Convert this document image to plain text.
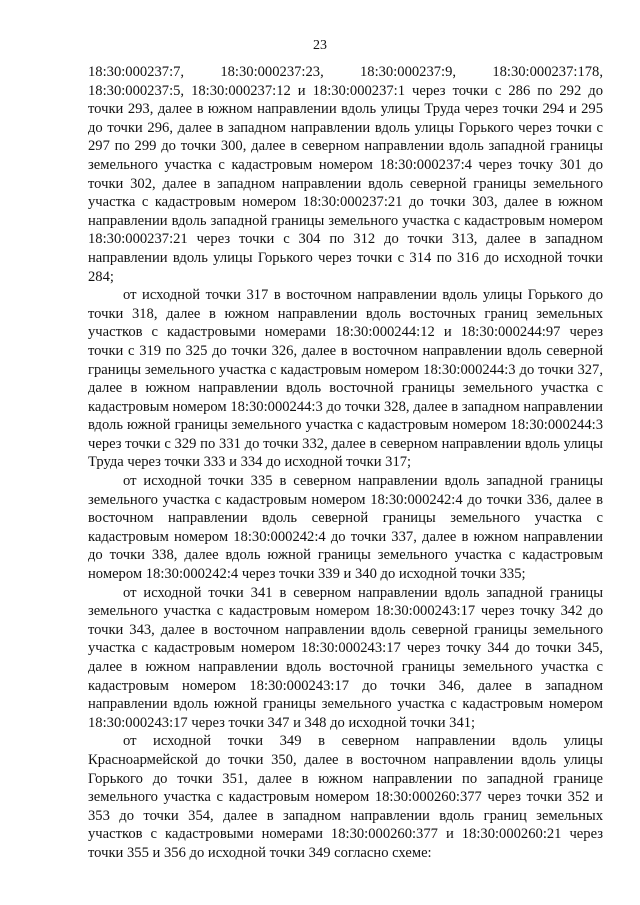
23

18:30:000237:7, 18:30:000237:23, 18:30:000237:9, 18:30:000237:178, 18:30:000237:5, 18:30:000237:12 и 18:30:000237:1 через точки с 286 по 292 до точки 293, далее в южном направлении вдоль улицы Труда через точки 294 и 295 до точки 296, далее в западном направлении вдоль улицы Горького через точки с 297 по 299 до точки 300, далее в северном направлении вдоль западной границы земельного участка с кадастровым номером 18:30:000237:4 через точку 301 до точки 302, далее в западном направлении вдоль северной границы земельного участка с кадастровым номером 18:30:000237:21 до точки 303, далее в южном направлении вдоль западной границы земельного участка с кадастровым номером 18:30:000237:21 через точки с 304 по 312 до точки 313, далее в западном направлении вдоль улицы Горького через точки с 314 по 316 до исходной точки 284;

от исходной точки 317 в восточном направлении вдоль улицы Горького до точки 318, далее в южном направлении вдоль восточных границ земельных участков с кадастровыми номерами 18:30:000244:12 и 18:30:000244:97 через точки с 319 по 325 до точки 326, далее в восточном направлении вдоль северной границы земельного участка с кадастровым номером 18:30:000244:3 до точки 327, далее в южном направлении вдоль восточной границы земельного участка с кадастровым номером 18:30:000244:3 до точки 328, далее в западном направлении вдоль южной границы земельного участка с кадастровым номером 18:30:000244:3 через точки с 329 по 331 до точки 332, далее в северном направлении вдоль улицы Труда через точки 333 и 334 до исходной точки 317;

от исходной точки 335 в северном направлении вдоль западной границы земельного участка с кадастровым номером 18:30:000242:4 до точки 336, далее в восточном направлении вдоль северной границы земельного участка с кадастровым номером 18:30:000242:4 до точки 337, далее в южном направлении до точки 338, далее вдоль южной границы земельного участка с кадастровым номером 18:30:000242:4 через точки 339 и 340 до исходной точки 335;

от исходной точки 341 в северном направлении вдоль западной границы земельного участка с кадастровым номером 18:30:000243:17 через точку 342 до точки 343, далее в восточном направлении вдоль северной границы земельного участка с кадастровым номером 18:30:000243:17 через точку 344 до точки 345, далее в южном направлении вдоль восточной границы земельного участка с кадастровым номером 18:30:000243:17 до точки 346, далее в западном направлении вдоль южной границы земельного участка с кадастровым номером 18:30:000243:17 через точки 347 и 348 до исходной точки 341;

от исходной точки 349 в северном направлении вдоль улицы Красноармейской до точки 350, далее в восточном направлении вдоль улицы Горького до точки 351, далее в южном направлении по западной границе земельного участка с кадастровым номером 18:30:000260:377 через точки 352 и 353 до точки 354, далее в западном направлении вдоль границ земельных участков с кадастровыми номерами 18:30:000260:377 и 18:30:000260:21 через точки 355 и 356 до исходной точки 349 согласно схеме:
